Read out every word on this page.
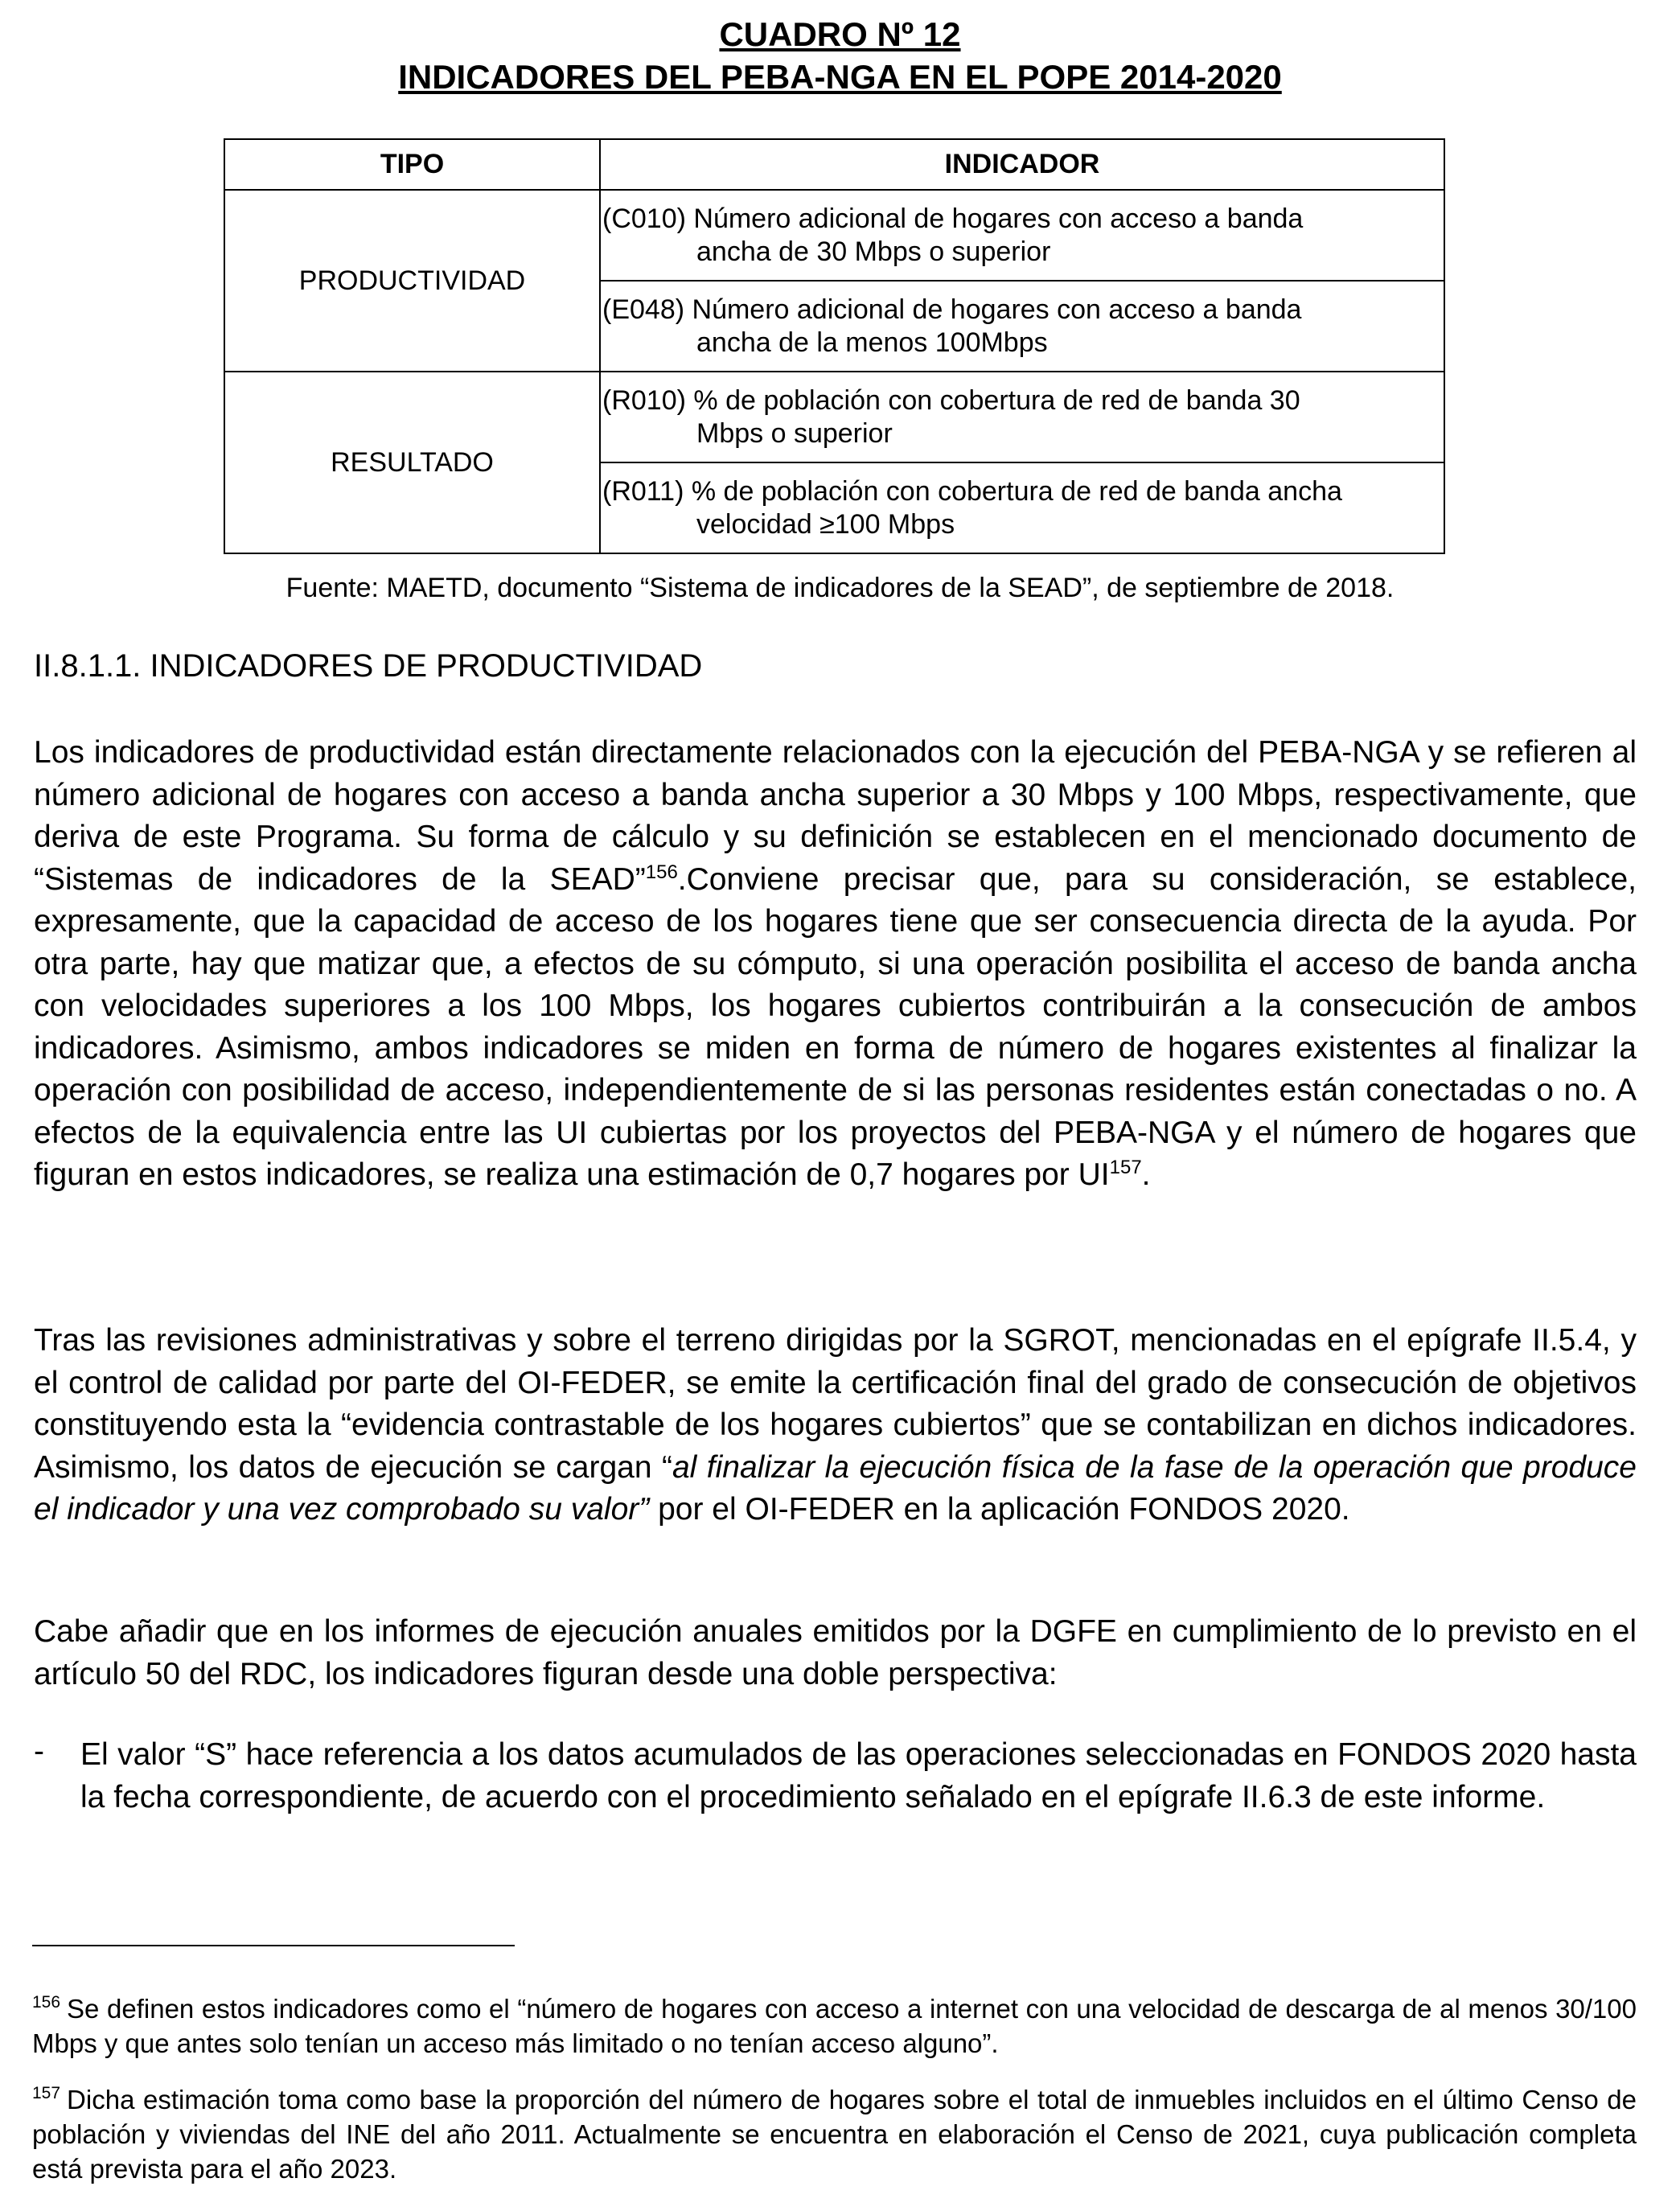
CUADRO Nº 12
INDICADORES DEL PEBA-NGA EN EL POPE 2014-2020
TIPO	INDICADOR
PRODUCTIVIDAD	(C010) Número adicional de hogares con acceso a banda
ancha de 30 Mbps o superior

	(E048) Número adicional de hogares con acceso a banda
ancha de la menos 100Mbps

RESULTADO	(R010) % de población con cobertura de red de banda 30
Mbps o superior

	(R011) % de población con cobertura de red de banda ancha
velocidad ≥100 Mbps
Fuente: MAETD, documento “Sistema de indicadores de la SEAD”, de septiembre de 2018.
II.8.1.1. INDICADORES DE PRODUCTIVIDAD
Los indicadores de productividad están directamente relacionados con la ejecución del PEBA-NGA y se refieren al número adicional de hogares con acceso a banda ancha superior a 30 Mbps y 100 Mbps, respectivamente, que deriva de este Programa. Su forma de cálculo y su definición se establecen en el mencionado documento de “Sistemas de indicadores de la SEAD”$^{156}$.Conviene precisar que, para su consideración, se establece, expresamente, que la capacidad de acceso de los hogares tiene que ser consecuencia directa de la ayuda. Por otra parte, hay que matizar que, a efectos de su cómputo, si una operación posibilita el acceso de banda ancha con velocidades superiores a los 100 Mbps, los hogares cubiertos contribuirán a la consecución de ambos indicadores. Asimismo, ambos indicadores se miden en forma de número de hogares existentes al finalizar la operación con posibilidad de acceso, independientemente de si las personas residentes están conectadas o no. A efectos de la equivalencia entre las UI cubiertas por los proyectos del PEBA-NGA y el número de hogares que figuran en estos indicadores, se realiza una estimación de 0,7 hogares por UI$^{157}$.
Tras las revisiones administrativas y sobre el terreno dirigidas por la SGROT, mencionadas en el epígrafe II.5.4, y el control de calidad por parte del OI-FEDER, se emite la certificación final del grado de consecución de objetivos constituyendo esta la “evidencia contrastable de los hogares cubiertos” que se contabilizan en dichos indicadores. Asimismo, los datos de ejecución se cargan “al finalizar la ejecución física de la fase de la operación que produce el indicador y una vez comprobado su valor” por el OI-FEDER en la aplicación FONDOS 2020.
Cabe añadir que en los informes de ejecución anuales emitidos por la DGFE en cumplimiento de lo previsto en el artículo 50 del RDC, los indicadores figuran desde una doble perspectiva:
- El valor “S” hace referencia a los datos acumulados de las operaciones seleccionadas en FONDOS 2020 hasta la fecha correspondiente, de acuerdo con el procedimiento señalado en el epígrafe II.6.3 de este informe.
$^{156}$ Se definen estos indicadores como el “número de hogares con acceso a internet con una velocidad de descarga de al menos 30/100 Mbps y que antes solo tenían un acceso más limitado o no tenían acceso alguno”.
$^{157}$ Dicha estimación toma como base la proporción del número de hogares sobre el total de inmuebles incluidos en el último Censo de población y viviendas del INE del año 2011. Actualmente se encuentra en elaboración el Censo de 2021, cuya publicación completa está prevista para el año 2023.
